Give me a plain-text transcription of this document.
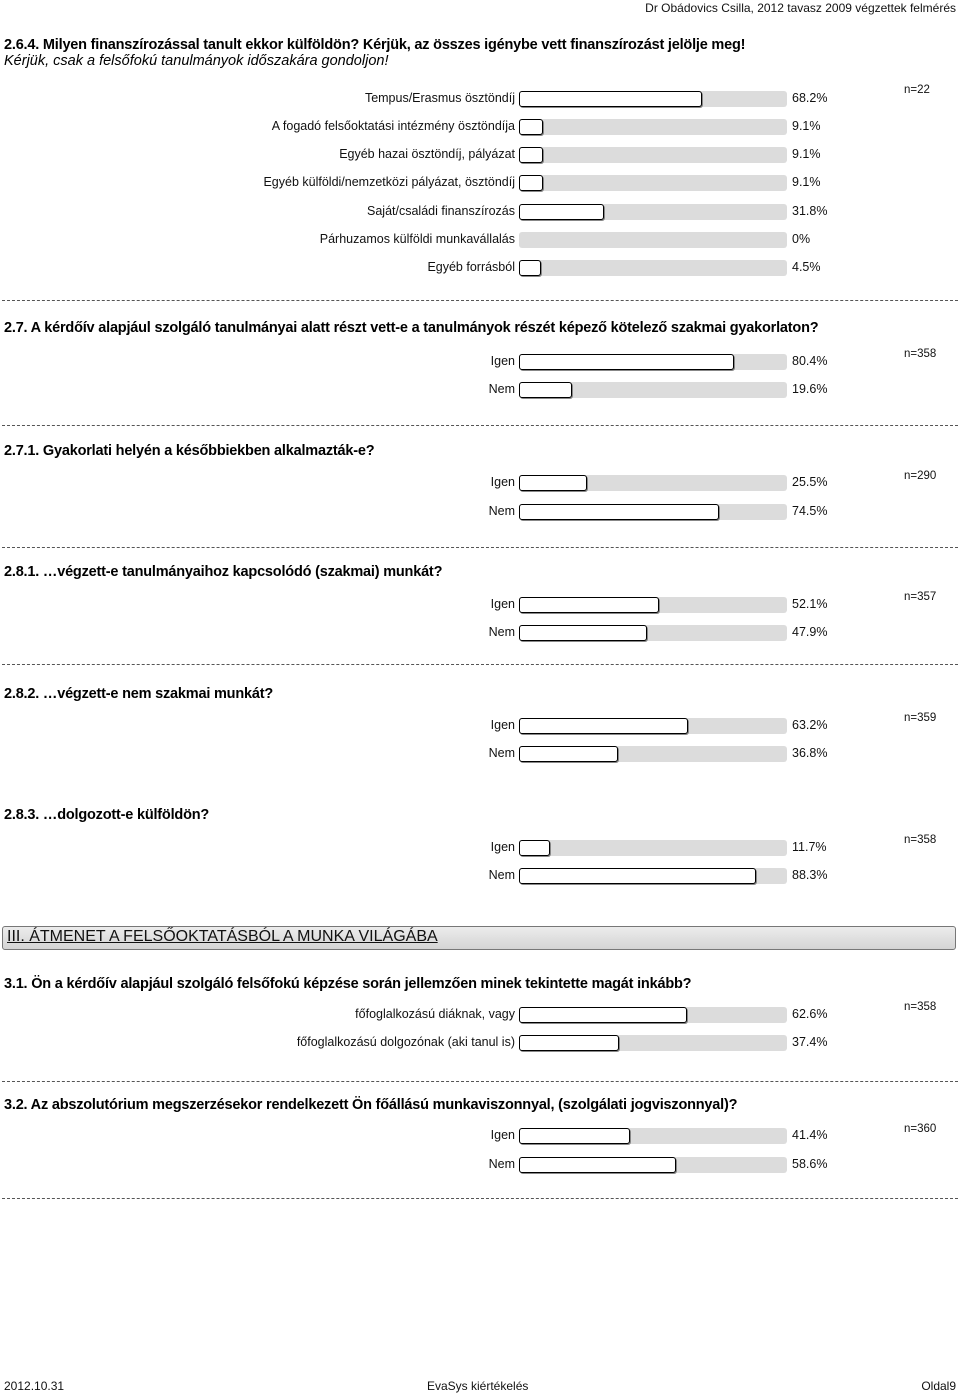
Dr Obádovics Csilla, 2012 tavasz 2009 végzettek felmérés
2.6.4. Milyen finanszírozással tanult ekkor külföldön? Kérjük, az összes igénybe vett finanszírozást jelölje meg!
Kérjük, csak a felsőfokú tanulmányok időszakára gondoljon!
n=22
Tempus/Erasmus ösztöndíj	68.2%
A fogadó felsőoktatási intézmény ösztöndíja	9.1%
Egyéb hazai ösztöndíj, pályázat	9.1%
Egyéb külföldi/nemzetközi pályázat, ösztöndíj	9.1%
Saját/családi finanszírozás	31.8%
Párhuzamos külföldi munkavállalás	0%
Egyéb forrásból	4.5%
2.7. A kérdőív alapjául szolgáló tanulmányai alatt részt vett-e a tanulmányok részét képező kötelező szakmai gyakorlaton?
n=358
Igen	80.4%
Nem	19.6%
2.7.1. Gyakorlati helyén a későbbiekben alkalmazták-e?
n=290
Igen	25.5%
Nem	74.5%
2.8.1. …végzett-e tanulmányaihoz kapcsolódó (szakmai) munkát?
n=357
Igen	52.1%
Nem	47.9%
2.8.2. …végzett-e nem szakmai munkát?
n=359
Igen	63.2%
Nem	36.8%
2.8.3. …dolgozott-e külföldön?
n=358
Igen	11.7%
Nem	88.3%
3.1. Ön a kérdőív alapjául szolgáló felsőfokú képzése során jellemzően minek tekintette magát inkább?
n=358
főfoglalkozású diáknak, vagy	62.6%
főfoglalkozású dolgozónak (aki tanul is)	37.4%
3.2. Az abszolutórium megszerzésekor rendelkezett Ön főállású munkaviszonnyal, (szolgálati jogviszonnyal)?
n=360
Igen	41.4%
Nem	58.6%
III. ÁTMENET A FELSŐOKTATÁSBÓL A MUNKA VILÁGÁBA
2012.10.31	EvaSys kiértékelés	Oldal9
